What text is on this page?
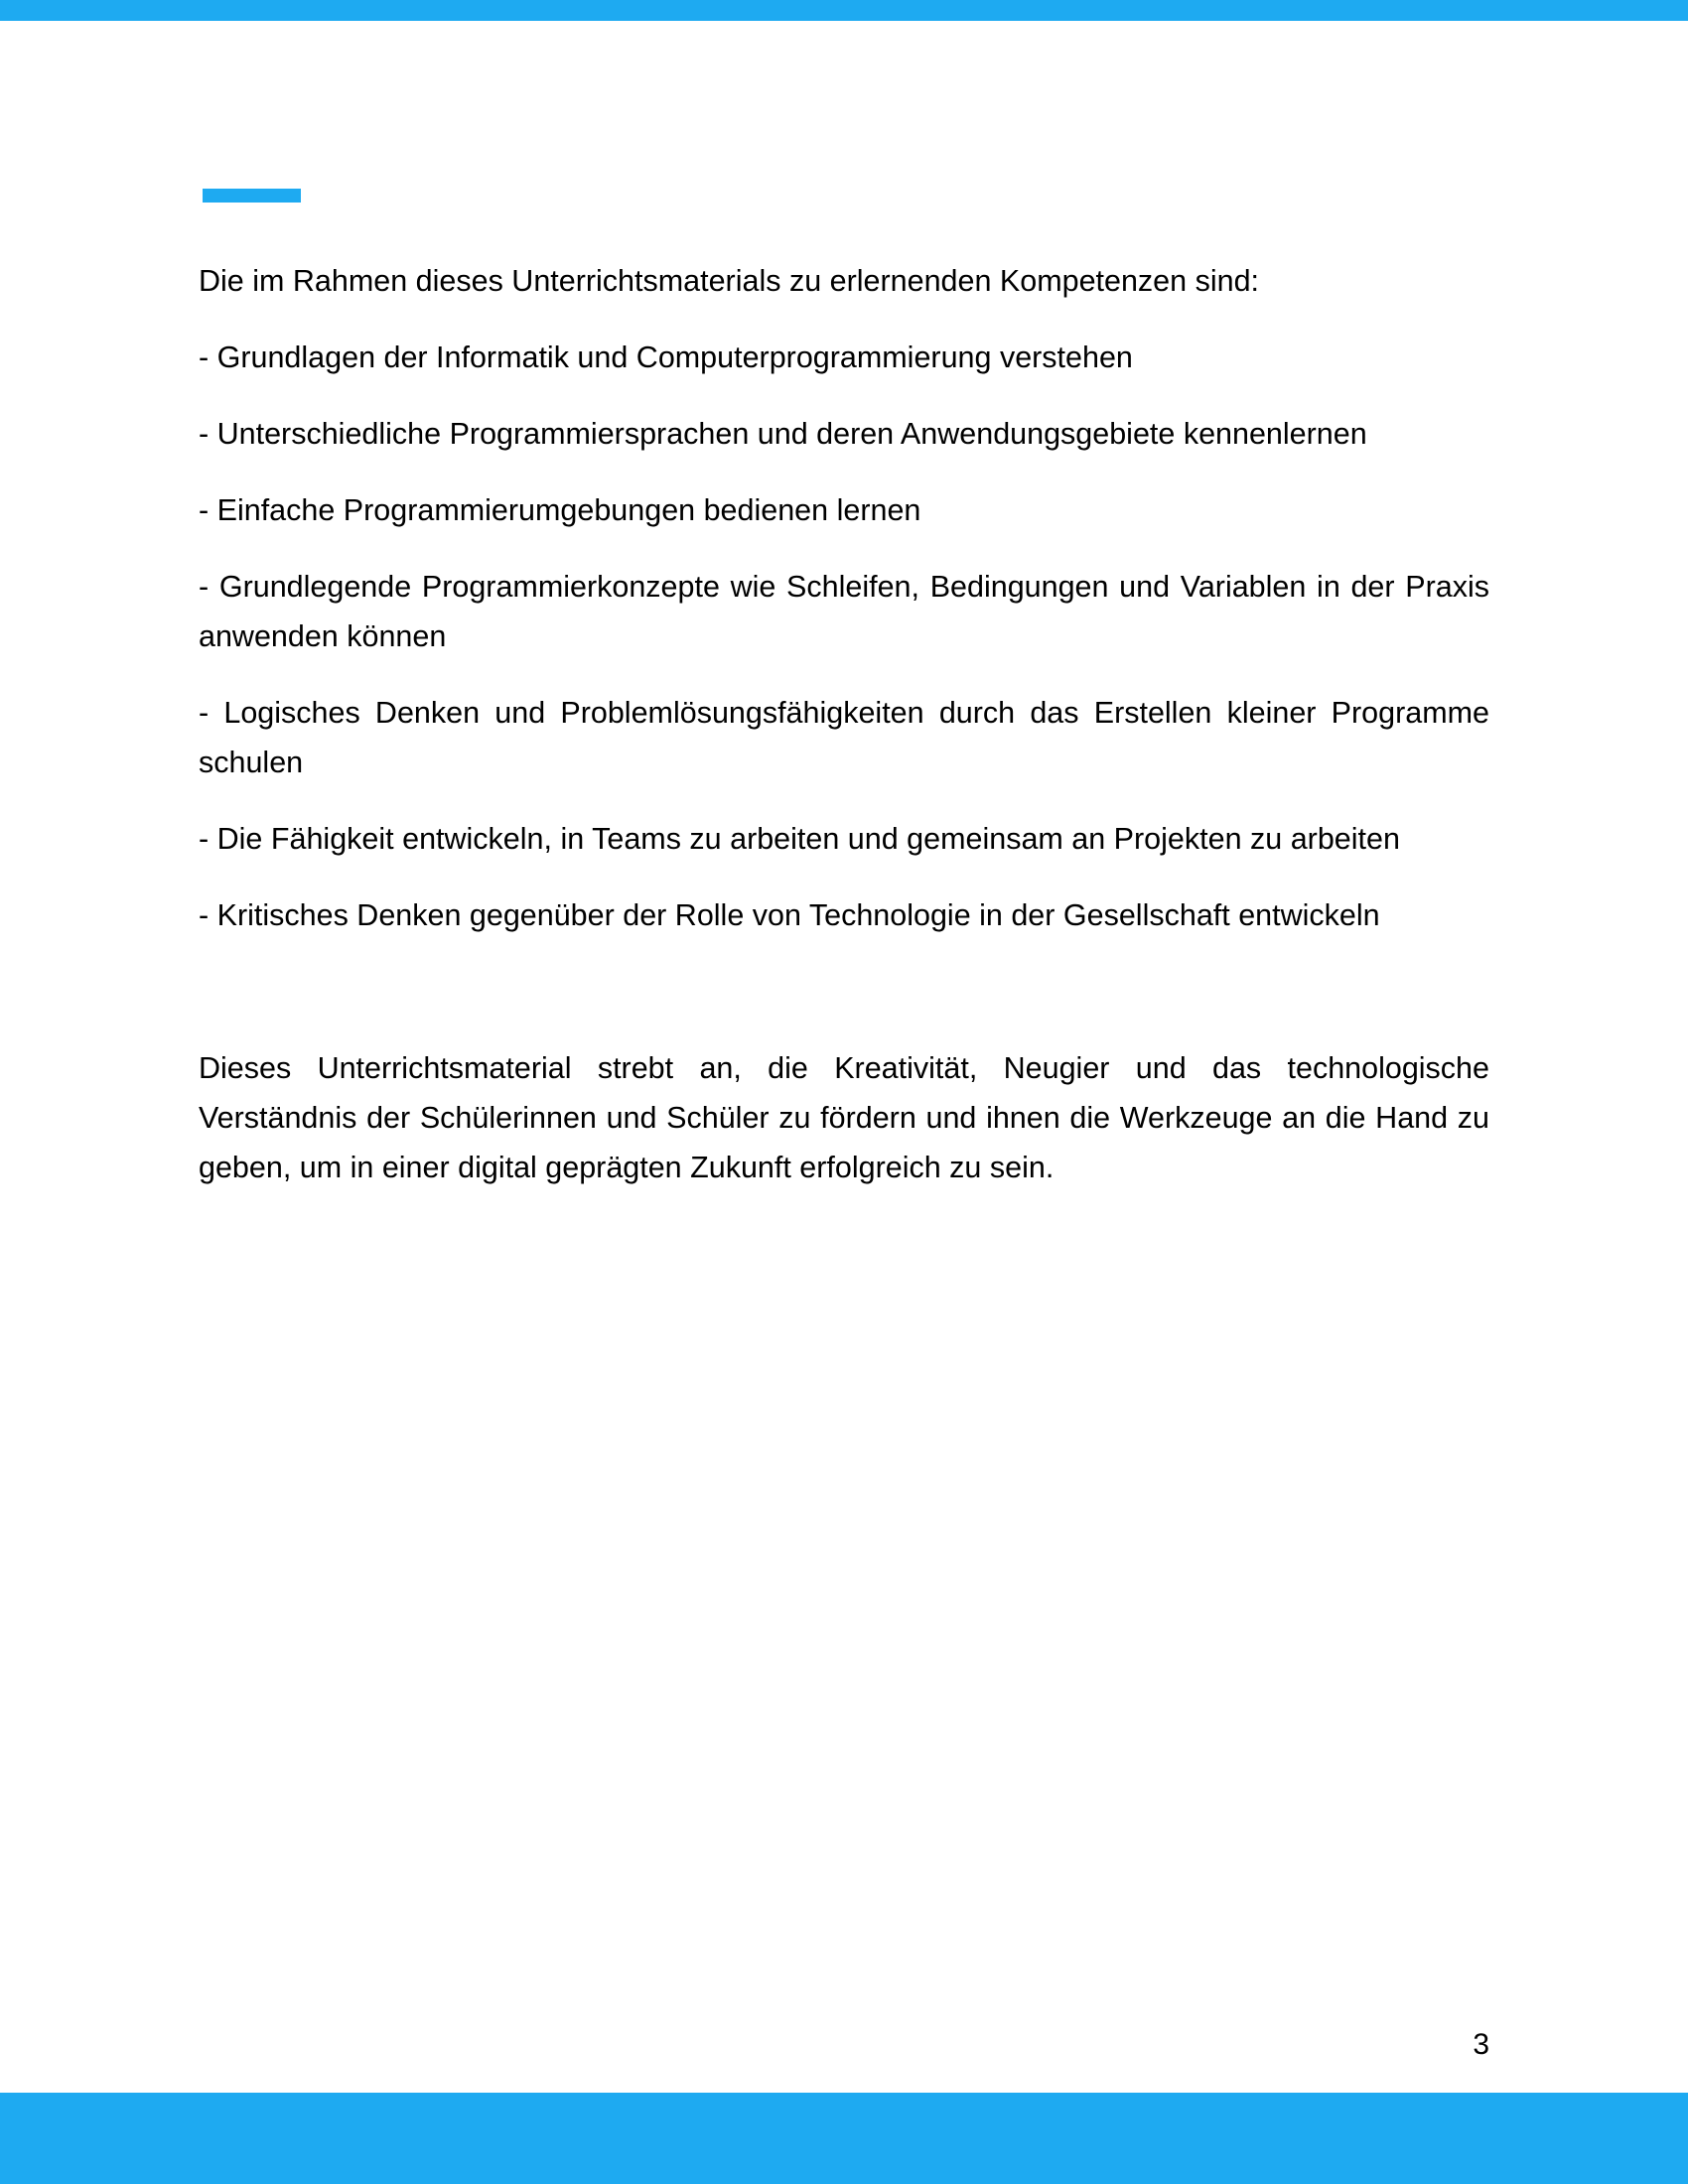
Die im Rahmen dieses Unterrichtsmaterials zu erlernenden Kompetenzen sind:

- Grundlagen der Informatik und Computerprogrammierung verstehen

- Unterschiedliche Programmiersprachen und deren Anwendungsgebiete kennenlernen

- Einfache Programmierumgebungen bedienen lernen

- Grundlegende Programmierkonzepte wie Schleifen, Bedingungen und Variablen in der Praxis anwenden können

- Logisches Denken und Problemlösungsfähigkeiten durch das Erstellen kleiner Programme schulen

- Die Fähigkeit entwickeln, in Teams zu arbeiten und gemeinsam an Projekten zu arbeiten

- Kritisches Denken gegenüber der Rolle von Technologie in der Gesellschaft entwickeln

Dieses Unterrichtsmaterial strebt an, die Kreativität, Neugier und das technologische Verständnis der Schülerinnen und Schüler zu fördern und ihnen die Werkzeuge an die Hand zu geben, um in einer digital geprägten Zukunft erfolgreich zu sein.

3
